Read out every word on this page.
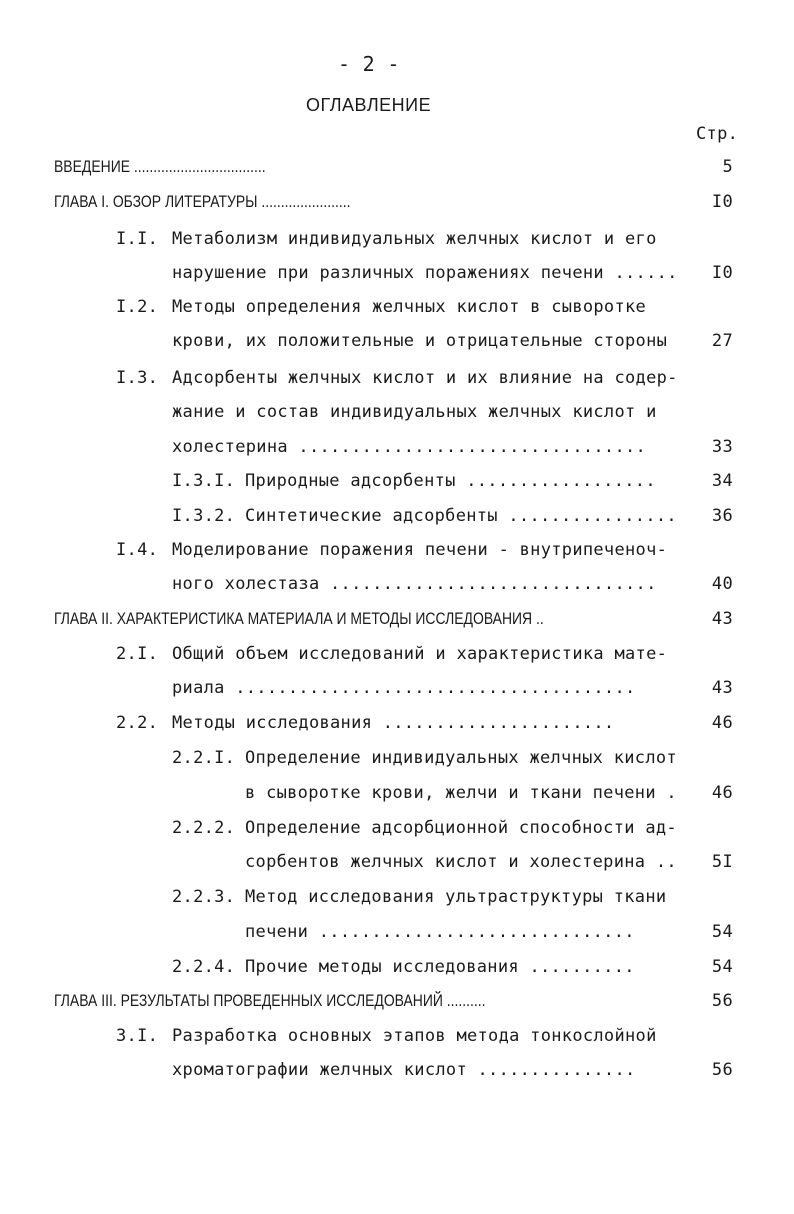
- 2 -
ОГЛАВЛЕНИЕ
Стр.
ВВЕДЕНИЕ ..................................	5
ГЛАВА I. ОБЗОР ЛИТЕРАТУРЫ .......................	I0
I.I. Метаболизм индивидуальных желчных кислот и его
нарушение при различных поражениях печени ......	I0
I.2. Методы определения желчных кислот в сыворотке
крови, их положительные и отрицательные стороны	27
I.3. Адсорбенты желчных кислот и их влияние на содер-
жание и состав индивидуальных желчных кислот и
холестерина .................................	33
I.3.I. Природные адсорбенты ..................	34
I.3.2. Синтетические адсорбенты ................	36
I.4. Моделирование поражения печени - внутрипеченоч-
ного холестаза ...............................	40
ГЛАВА II. ХАРАКТЕРИСТИКА МАТЕРИАЛА И МЕТОДЫ ИССЛЕДОВАНИЯ ..	43
2.I. Общий объем исследований и характеристика мате-
риала ......................................	43
2.2. Методы исследования ......................	46
2.2.I. Определение индивидуальных желчных кислот
в сыворотке крови, желчи и ткани печени .	46
2.2.2. Определение адсорбционной способности ад-
сорбентов желчных кислот и холестерина ..	5I
2.2.3. Метод исследования ультраструктуры ткани
печени ..............................	54
2.2.4. Прочие методы исследования ..........	54
ГЛАВА III. РЕЗУЛЬТАТЫ ПРОВЕДЕННЫХ ИССЛЕДОВАНИЙ ..........	56
3.I. Разработка основных этапов метода тонкослойной
хроматографии желчных кислот ...............	56
